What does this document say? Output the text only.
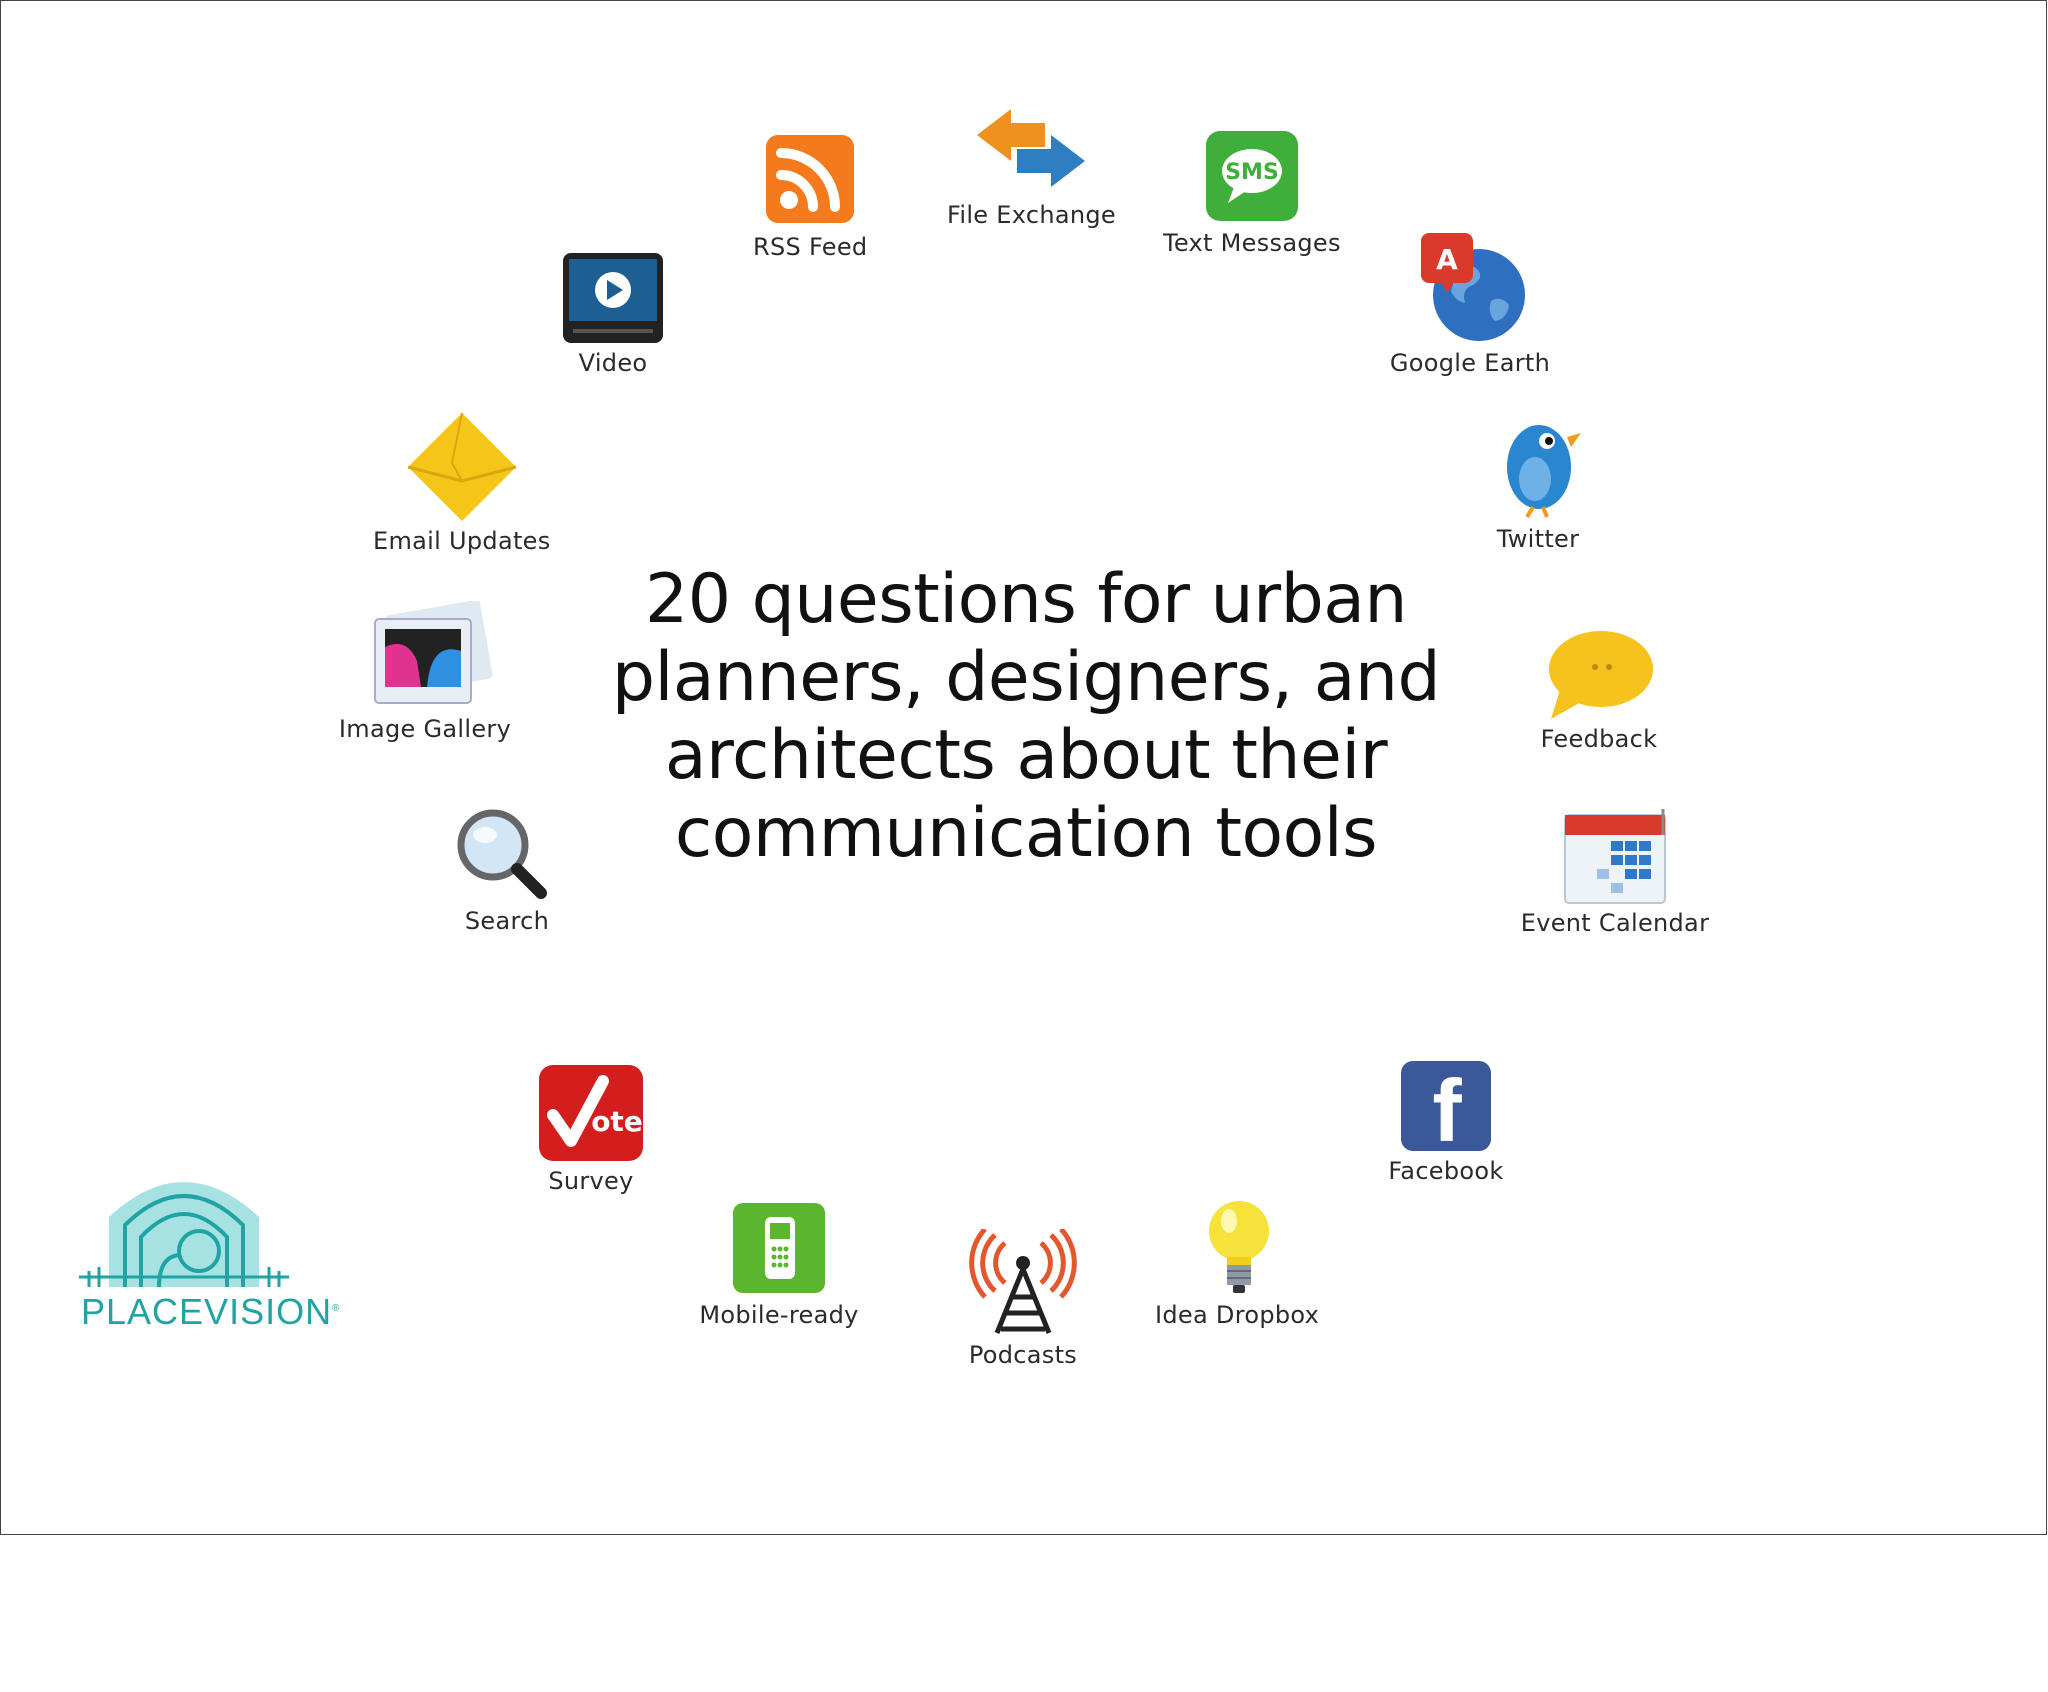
20 questions for urban
planners, designers, and
architects about their
communication tools
RSS Feed
File Exchange
SMS
Text Messages
Video
A
Google Earth
Email Updates	Twitter
Image Gallery	Feedback
Search	Event Calendar
ote
Survey
f
Facebook
Mobile-ready
Podcasts
Idea Dropbox
PLACEVISION®
